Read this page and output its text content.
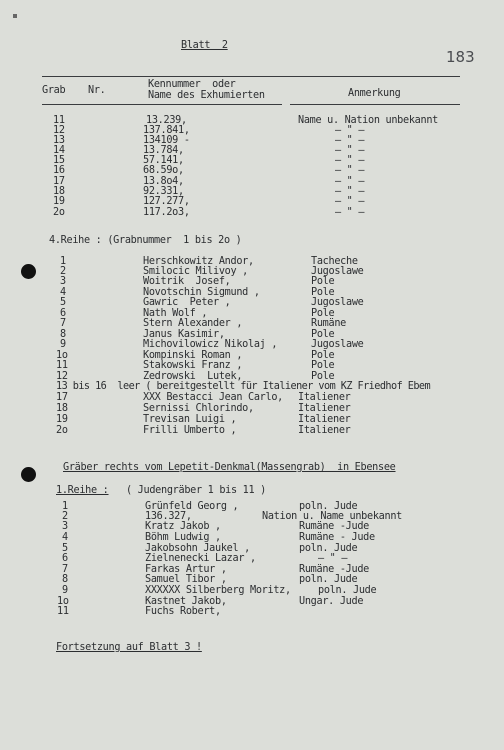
Blatt  2
183
Grab Nr.
Kennummer  oder
Name des Exhumierten	Anmerkung
11	13.239,	Name u. Nation unbekannt
12	137.841,	– " –
13	134109 -	– " –
14	13.784,	– " –
15	57.141,	– " –
16	68.59o,	– " –
17	13.8o4,	– " –
18	92.331,	– " –
19	127.277,	– " –
2o	117.2o3,	– " –
4.Reihe : (Grabnummer  1 bis 2o )
1	Herschkowitz Andor,	Tacheche
2	Smilocic Milivoy ,	Jugoslawe
3	Woitrik  Josef,	Pole
4	Novotschin Sigmund ,	Pole
5	Gawric  Peter ,	Jugoslawe
6	Nath Wolf ,	Pole
7	Stern Alexander ,	Rumäne
8	Janus Kasimir,	Pole
9	Michovilowicz Nikolaj ,	Jugoslawe
1o	Kompinski Roman ,	Pole
11	Stakowski Franz ,	Pole
12	Zedrowski  Lutek,	Pole
13 bis 16  leer ( bereitgestellt für Italiener vom KZ Friedhof Ebem
17	XXX Bestacci Jean Carlo, Italiener
18	Sernissi Chlorindo,	Italiener
19	Trevisan Luigi ,	Italiener
2o	Frilli Umberto ,	Italiener
Gräber rechts vom Lepetit-Denkmal(Massengrab)  in Ebensee
1.Reihe : ( Judengräber 1 bis 11 )
1	Grünfeld Georg ,	poln. Jude
2	136.327,	Nation u. Name unbekannt
3	Kratz Jakob ,	Rumäne -Jude
4	Böhm Ludwig ,	Rumäne - Jude
5	Jakobsohn Jaukel ,	poln. Jude
6	Zielnenecki Lazar ,	– " –
7	Farkas Artur ,	Rumäne -Jude
8	Samuel Tibor ,	poln. Jude
9	XXXXXX Silberberg Moritz,	poln. Jude
1o	Kastnet Jakob,	Ungar. Jude
11	Fuchs Robert,
Fortsetzung auf Blatt 3 !
